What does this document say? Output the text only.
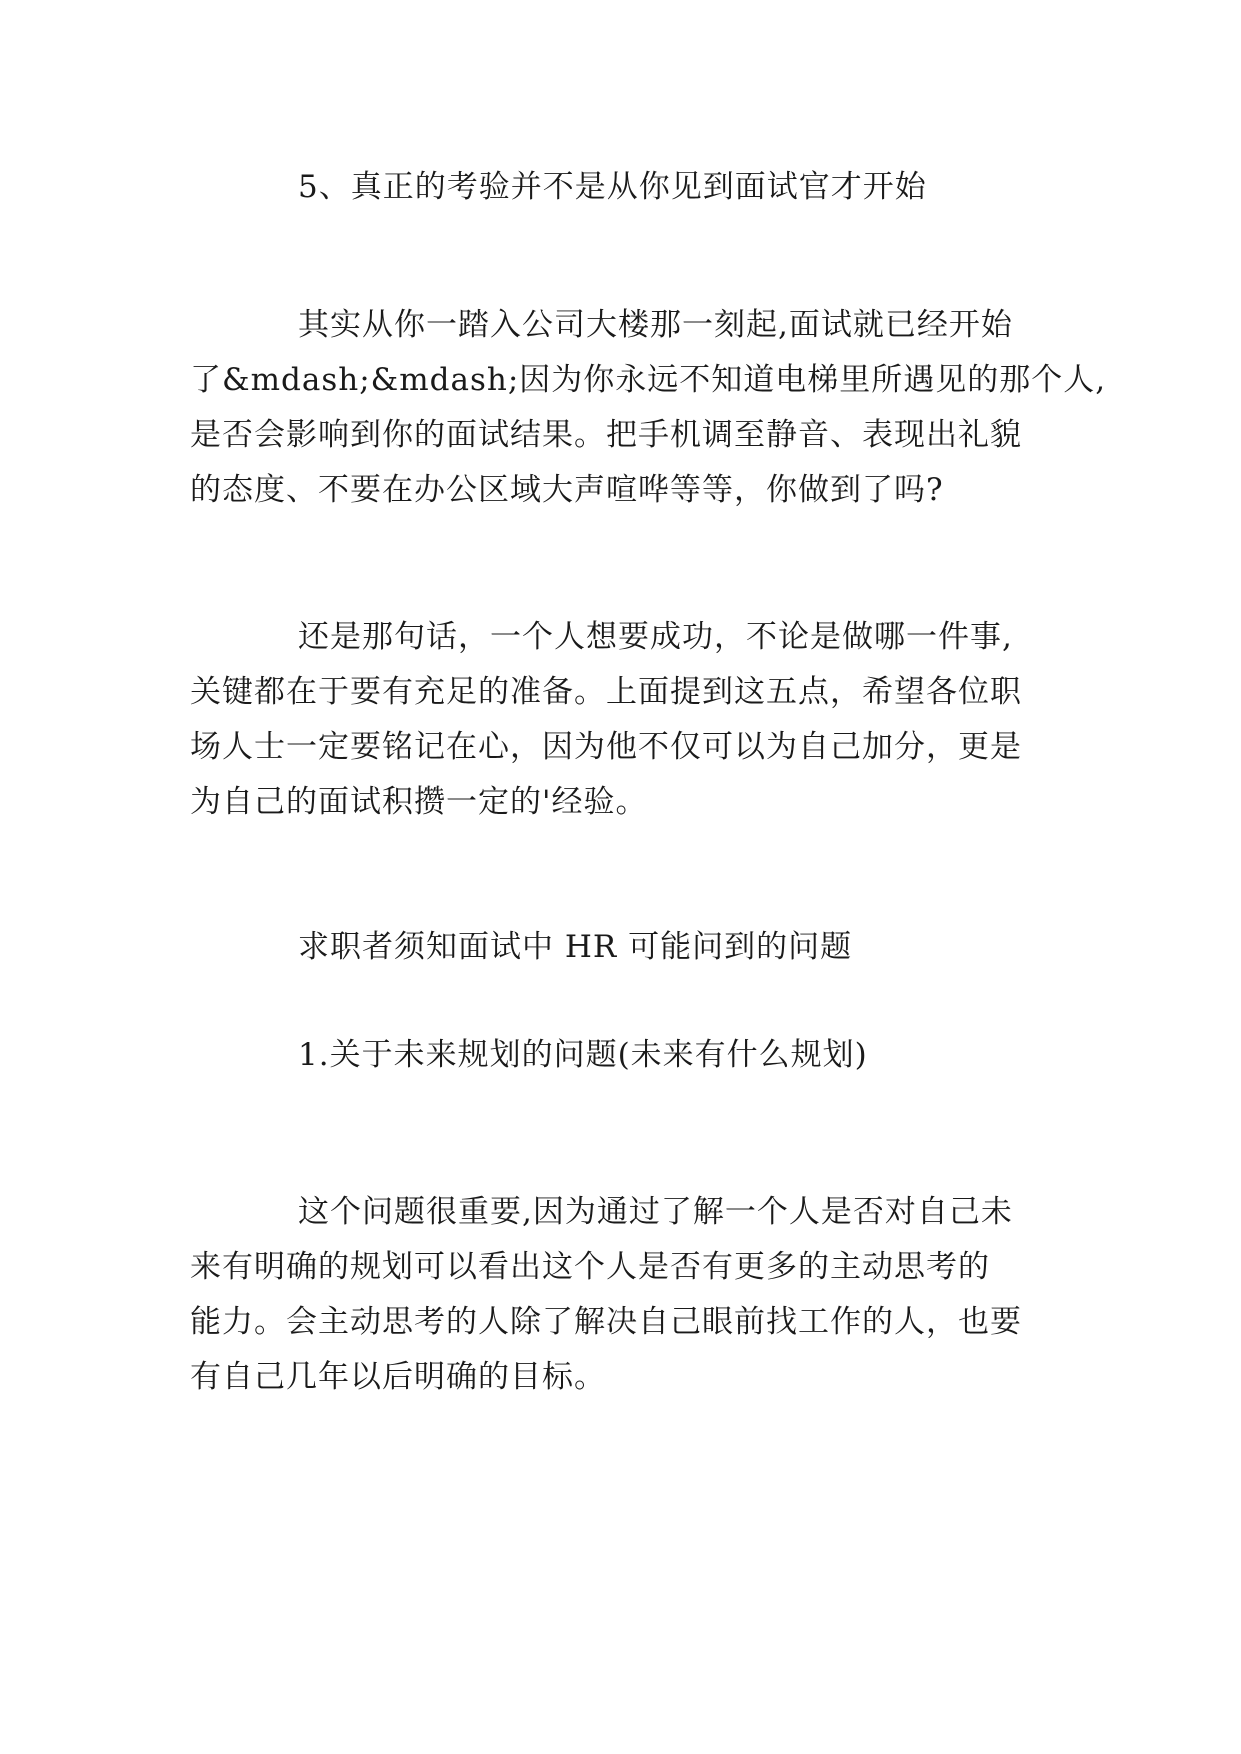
5、真正的考验并不是从你见到面试官才开始
其实从你一踏入公司大楼那一刻起,面试就已经开始
了&mdash;&mdash;因为你永远不知道电梯里所遇见的那个人,
是否会影响到你的面试结果。把手机调至静音、表现出礼貌
的态度、不要在办公区域大声喧哗等等，你做到了吗?
还是那句话，一个人想要成功，不论是做哪一件事,
关键都在于要有充足的准备。上面提到这五点，希望各位职
场人士一定要铭记在心，因为他不仅可以为自己加分，更是
为自己的面试积攒一定的'经验。
求职者须知面试中 HR 可能问到的问题
1.关于未来规划的问题(未来有什么规划)
这个问题很重要,因为通过了解一个人是否对自己未
来有明确的规划可以看出这个人是否有更多的主动思考的
能力。会主动思考的人除了解决自己眼前找工作的人，也要
有自己几年以后明确的目标。
